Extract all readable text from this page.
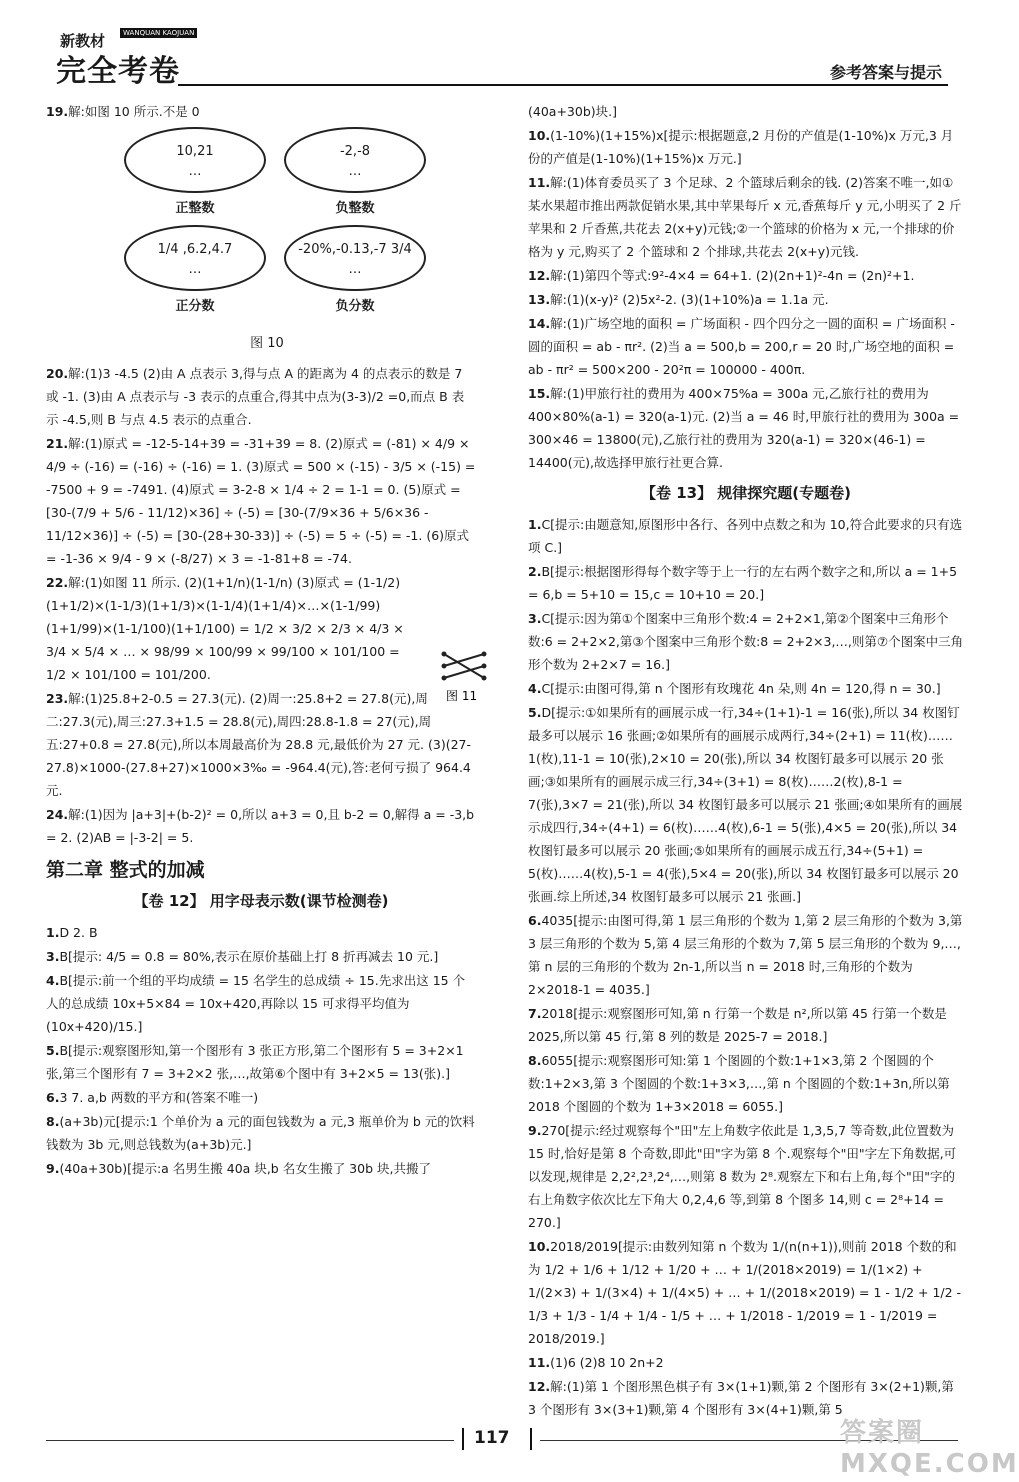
新教材	WANQUAN KAOJUAN
完全考卷	参考答案与提示

19.解:如图 10 所示.不是 0

10,21
…
正整数
-2,-8
…
负整数
1/4 ,6.2,4.7
…
正分数
-20%,-0.13,-7 3/4
…
负分数
图 10

20.解:(1)3 -4.5 (2)由 A 点表示 3,得与点 A 的距离为 4 的点表示的数是 7 或 -1. (3)由 A 点表示与 -3 表示的点重合,得其中点为(3-3)/2 =0,而点 B 表示 -4.5,则 B 与点 4.5 表示的点重合.

21.解:(1)原式 = -12-5-14+39 = -31+39 = 8. (2)原式 = (-81) × 4/9 × 4/9 ÷ (-16) = (-16) ÷ (-16) = 1. (3)原式 = 500 × (-15) - 3/5 × (-15) = -7500 + 9 = -7491. (4)原式 = 3-2-8 × 1/4 ÷ 2 = 1-1 = 0. (5)原式 = [30-(7/9 + 5/6 - 11/12)×36] ÷ (-5) = [30-(7/9×36 + 5/6×36 - 11/12×36)] ÷ (-5) = [30-(28+30-33)] ÷ (-5) = 5 ÷ (-5) = -1. (6)原式 = -1-36 × 9/4 - 9 × (-8/27) × 3 = -1-81+8 = -74.

22.解:(1)如图 11 所示. (2)(1+1/n)(1-1/n) (3)原式 = (1-1/2)(1+1/2)×(1-1/3)(1+1/3)×(1-1/4)(1+1/4)×…×(1-1/99)(1+1/99)×(1-1/100)(1+1/100) = 1/2 × 3/2 × 2/3 × 4/3 × 3/4 × 5/4 × … × 98/99 × 100/99 × 99/100 × 101/100 = 1/2 × 101/100 = 101/200.

23.解:(1)25.8+2-0.5 = 27.3(元). (2)周一:25.8+2 = 27.8(元),周二:27.3(元),周三:27.3+1.5 = 28.8(元),周四:28.8-1.8 = 27(元),周五:27+0.8 = 27.8(元),所以本周最高价为 28.8 元,最低价为 27 元. (3)(27-27.8)×1000-(27.8+27)×1000×3‰ = -964.4(元),答:老何亏损了 964.4 元.

24.解:(1)因为 |a+3|+(b-2)² = 0,所以 a+3 = 0,且 b-2 = 0,解得 a = -3,b = 2. (2)AB = |-3-2| = 5.

第二章 整式的加减
【卷 12】 用字母表示数(课节检测卷)

1.D 2. B

3.B[提示: 4/5 = 0.8 = 80%,表示在原价基础上打 8 折再减去 10 元.]

4.B[提示:前一个组的平均成绩 = 15 名学生的总成绩 ÷ 15.先求出这 15 个人的总成绩 10x+5×84 = 10x+420,再除以 15 可求得平均值为 (10x+420)/15.]

5.B[提示:观察图形知,第一个图形有 3 张正方形,第二个图形有 5 = 3+2×1 张,第三个图形有 7 = 3+2×2 张,…,故第⑥个图中有 3+2×5 = 13(张).]

6.3 7. a,b 两数的平方和(答案不唯一)

8.(a+3b)元[提示:1 个单价为 a 元的面包钱数为 a 元,3 瓶单价为 b 元的饮料钱数为 3b 元,则总钱数为(a+3b)元.]

9.(40a+30b)[提示:a 名男生搬 40a 块,b 名女生搬了 30b 块,共搬了

图 11

(40a+30b)块.]

10.(1-10%)(1+15%)x[提示:根据题意,2 月份的产值是(1-10%)x 万元,3 月份的产值是(1-10%)(1+15%)x 万元.]

11.解:(1)体育委员买了 3 个足球、2 个篮球后剩余的钱. (2)答案不唯一,如①某水果超市推出两款促销水果,其中苹果每斤 x 元,香蕉每斤 y 元,小明买了 2 斤苹果和 2 斤香蕉,共花去 2(x+y)元钱;②一个篮球的价格为 x 元,一个排球的价格为 y 元,购买了 2 个篮球和 2 个排球,共花去 2(x+y)元钱.

12.解:(1)第四个等式:9²-4×4 = 64+1. (2)(2n+1)²-4n = (2n)²+1.

13.解:(1)(x-y)² (2)5x²-2. (3)(1+10%)a = 1.1a 元.

14.解:(1)广场空地的面积 = 广场面积 - 四个四分之一圆的面积 = 广场面积 - 圆的面积 = ab - πr². (2)当 a = 500,b = 200,r = 20 时,广场空地的面积 = ab - πr² = 500×200 - 20²π = 100000 - 400π.

15.解:(1)甲旅行社的费用为 400×75%a = 300a 元,乙旅行社的费用为 400×80%(a-1) = 320(a-1)元. (2)当 a = 46 时,甲旅行社的费用为 300a = 300×46 = 13800(元),乙旅行社的费用为 320(a-1) = 320×(46-1) = 14400(元),故选择甲旅行社更合算.

【卷 13】 规律探究题(专题卷)

1.C[提示:由题意知,原图形中各行、各列中点数之和为 10,符合此要求的只有选项 C.]

2.B[提示:根据图形得每个数字等于上一行的左右两个数字之和,所以 a = 1+5 = 6,b = 5+10 = 15,c = 10+10 = 20.]

3.C[提示:因为第①个图案中三角形个数:4 = 2+2×1,第②个图案中三角形个数:6 = 2+2×2,第③个图案中三角形个数:8 = 2+2×3,…,则第⑦个图案中三角形个数为 2+2×7 = 16.]

4.C[提示:由图可得,第 n 个图形有玫瑰花 4n 朵,则 4n = 120,得 n = 30.]

5.D[提示:①如果所有的画展示成一行,34÷(1+1)-1 = 16(张),所以 34 枚图钉最多可以展示 16 张画;②如果所有的画展示成两行,34÷(2+1) = 11(枚)……1(枚),11-1 = 10(张),2×10 = 20(张),所以 34 枚图钉最多可以展示 20 张画;③如果所有的画展示成三行,34÷(3+1) = 8(枚)……2(枚),8-1 = 7(张),3×7 = 21(张),所以 34 枚图钉最多可以展示 21 张画;④如果所有的画展示成四行,34÷(4+1) = 6(枚)……4(枚),6-1 = 5(张),4×5 = 20(张),所以 34 枚图钉最多可以展示 20 张画;⑤如果所有的画展示成五行,34÷(5+1) = 5(枚)……4(枚),5-1 = 4(张),5×4 = 20(张),所以 34 枚图钉最多可以展示 20 张画.综上所述,34 枚图钉最多可以展示 21 张画.]

6.4035[提示:由图可得,第 1 层三角形的个数为 1,第 2 层三角形的个数为 3,第 3 层三角形的个数为 5,第 4 层三角形的个数为 7,第 5 层三角形的个数为 9,…,第 n 层的三角形的个数为 2n-1,所以当 n = 2018 时,三角形的个数为 2×2018-1 = 4035.]

7.2018[提示:观察图形可知,第 n 行第一个数是 n²,所以第 45 行第一个数是 2025,所以第 45 行,第 8 列的数是 2025-7 = 2018.]

8.6055[提示:观察图形可知:第 1 个图圆的个数:1+1×3,第 2 个图圆的个数:1+2×3,第 3 个图圆的个数:1+3×3,…,第 n 个图圆的个数:1+3n,所以第 2018 个图圆的个数为 1+3×2018 = 6055.]

9.270[提示:经过观察每个"田"左上角数字依此是 1,3,5,7 等奇数,此位置数为 15 时,恰好是第 8 个奇数,即此"田"字为第 8 个.观察每个"田"字左下角数据,可以发现,规律是 2,2²,2³,2⁴,…,则第 8 数为 2⁸.观察左下和右上角,每个"田"字的右上角数字依次比左下角大 0,2,4,6 等,到第 8 个图多 14,则 c = 2⁸+14 = 270.]

10.2018/2019[提示:由数列知第 n 个数为 1/(n(n+1)),则前 2018 个数的和为 1/2 + 1/6 + 1/12 + 1/20 + … + 1/(2018×2019) = 1/(1×2) + 1/(2×3) + 1/(3×4) + 1/(4×5) + … + 1/(2018×2019) = 1 - 1/2 + 1/2 - 1/3 + 1/3 - 1/4 + 1/4 - 1/5 + … + 1/2018 - 1/2019 = 1 - 1/2019 = 2018/2019.]

11.(1)6 (2)8 10 2n+2

12.解:(1)第 1 个图形黑色棋子有 3×(1+1)颗,第 2 个图形有 3×(2+1)颗,第 3 个图形有 3×(3+1)颗,第 4 个图形有 3×(4+1)颗,第 5

117	答案圈 MXQE.COM
